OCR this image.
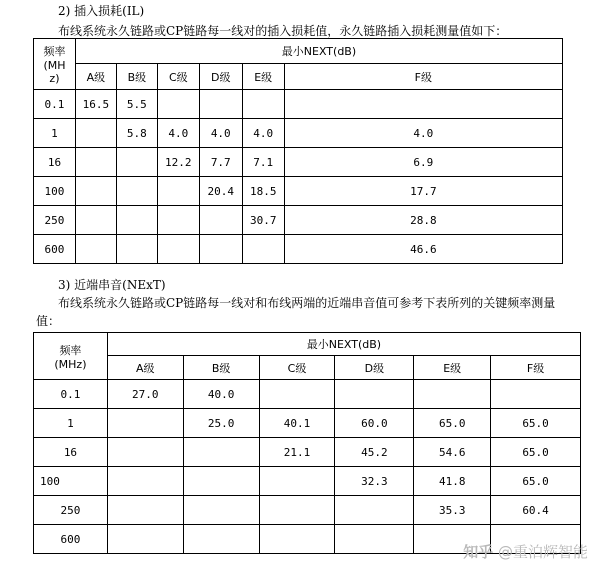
2) 插入损耗(IL)
布线系统永久链路或CP链路每一线对的插入损耗值，永久链路插入损耗测量值如下：
频率
(MH
z)	最小NEXT(dB)					
	A级	B级	C级	D级	E级	F级
0.1	16.5	5.5				
1		5.8	4.0	4.0	4.0	4.0
16			12.2	7.7	7.1	6.9
100				20.4	18.5	17.7
250					30.7	28.8
600						46.6
3) 近端串音(NExT)
布线系统永久链路或CP链路每一线对和布线两端的近端串音值可参考下表所列的关键频率测量
值：
频率
(MHz)	最小NEXT(dB)					
	A级	B级	C级	D级	E级	F级
0.1	27.0	40.0				
1		25.0	40.1	60.0	65.0	65.0
16			21.1	45.2	54.6	65.0
100				32.3	41.8	65.0
250					35.3	60.4
600						
知乎 @重泊辉智能
